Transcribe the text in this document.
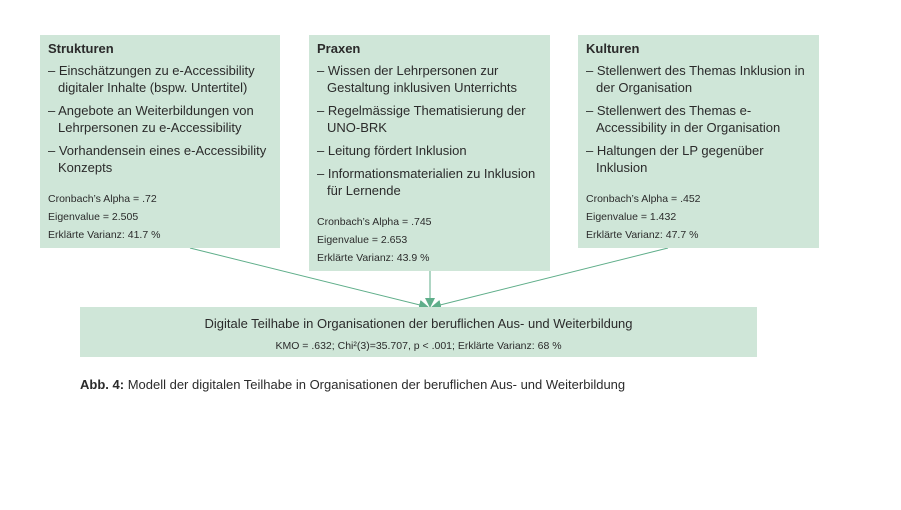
Strukturen
– Einschätzungen zu e-Accessibility digitaler Inhalte (bspw. Untertitel)
– Angebote an Weiterbildungen von Lehrpersonen zu e-Accessibility
– Vorhandensein eines e-Accessibility Konzepts
Cronbach’s Alpha = .72
Eigenvalue = 2.505
Erklärte Varianz: 41.7 %
Praxen
– Wissen der Lehrpersonen zur Gestaltung inklusiven Unterrichts
– Regelmässige Thematisierung der UNO-BRK
– Leitung fördert Inklusion
– Informationsmaterialien zu Inklusion für Lernende
Cronbach’s Alpha = .745
Eigenvalue = 2.653
Erklärte Varianz: 43.9 %
Kulturen
– Stellenwert des Themas Inklusion in der Organisation
– Stellenwert des Themas e-Accessibility in der Organisation
– Haltungen der LP gegenüber Inklusion
Cronbach’s Alpha = .452
Eigenvalue = 1.432
Erklärte Varianz: 47.7 %
Digitale Teilhabe in Organisationen der beruflichen Aus- und Weiterbildung
KMO = .632; Chi²(3)=35.707, p < .001; Erklärte Varianz: 68 %
Abb. 4: Modell der digitalen Teilhabe in Organisationen der beruflichen Aus- und Weiterbildung
